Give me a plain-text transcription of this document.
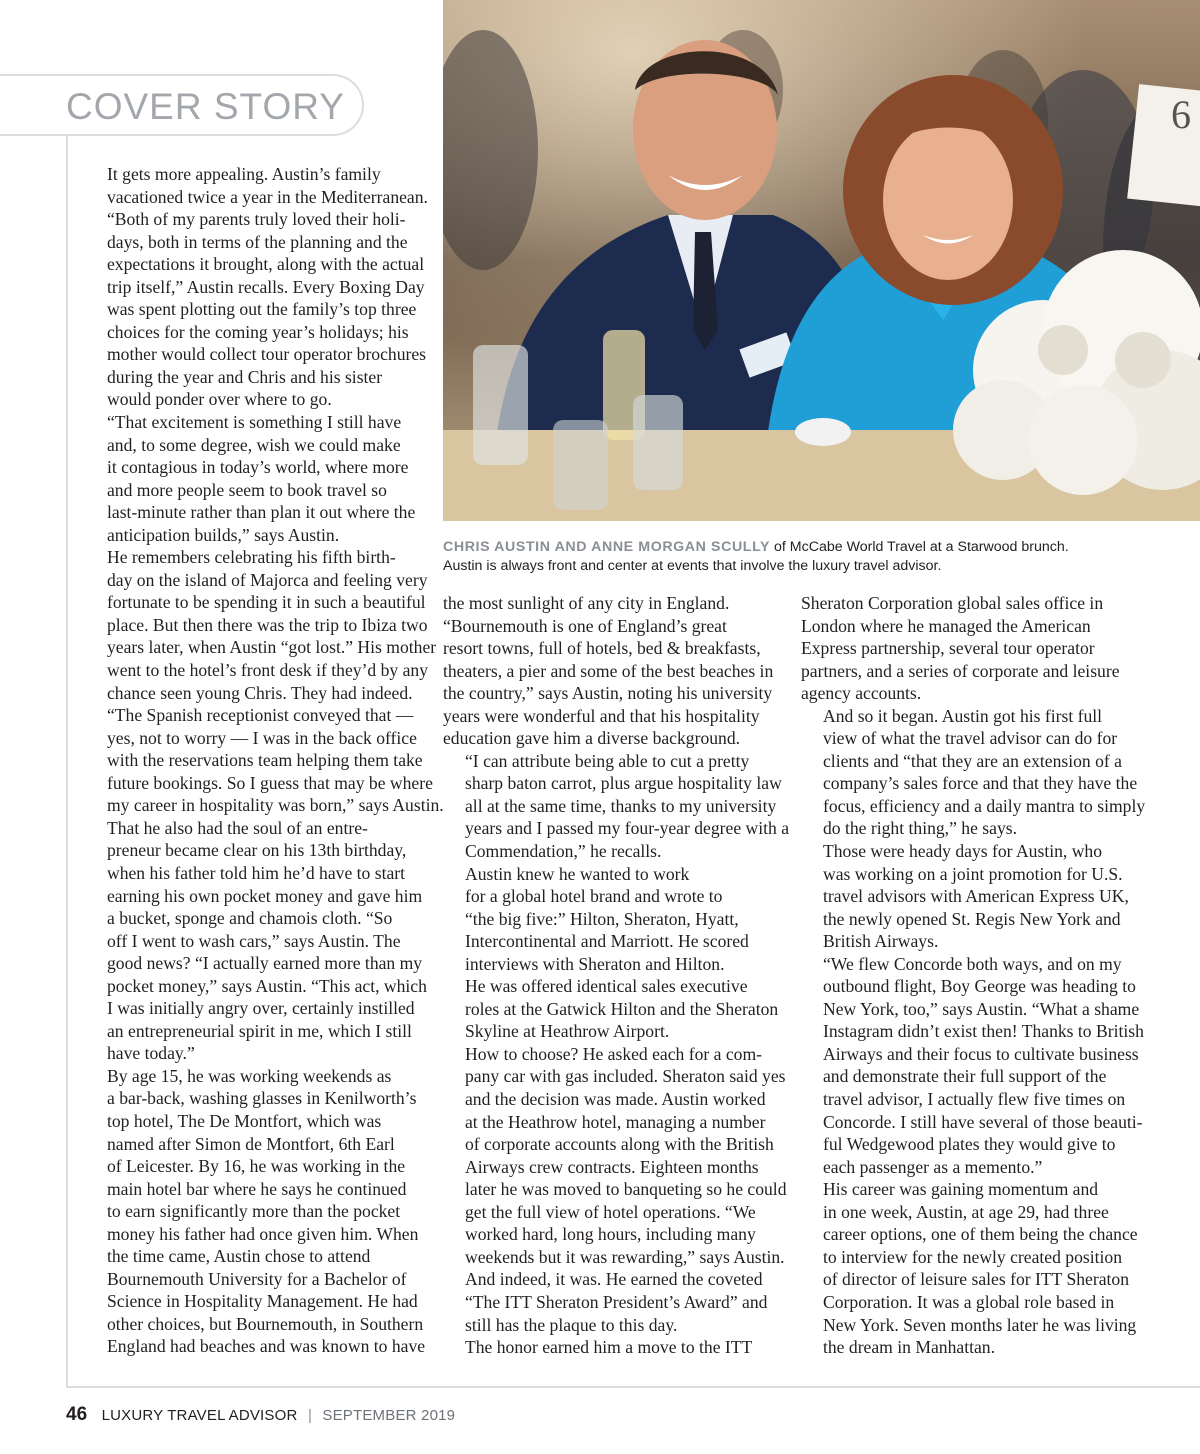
COVER STORY	6
CHRIS AUSTIN AND ANNE MORGAN SCULLY of McCabe World Travel at a Starwood brunch.
Austin is always front and center at events that involve the luxury travel advisor.

It gets more appealing. Austin’s family
vacationed twice a year in the Mediterranean.
“Both of my parents truly loved their holi-
days, both in terms of the planning and the
expectations it brought, along with the actual
trip itself,” Austin recalls. Every Boxing Day
was spent plotting out the family’s top three
choices for the coming year’s holidays; his
mother would collect tour operator brochures
during the year and Chris and his sister
would ponder over where to go.

“That excitement is something I still have
and, to some degree, wish we could make
it contagious in today’s world, where more
and more people seem to book travel so
last-minute rather than plan it out where the
anticipation builds,” says Austin.

He remembers celebrating his fifth birth-
day on the island of Majorca and feeling very
fortunate to be spending it in such a beautiful
place. But then there was the trip to Ibiza two
years later, when Austin “got lost.” His mother
went to the hotel’s front desk if they’d by any
chance seen young Chris. They had indeed.
“The Spanish receptionist conveyed that —
yes, not to worry — I was in the back office
with the reservations team helping them take
future bookings. So I guess that may be where
my career in hospitality was born,” says Austin.

That he also had the soul of an entre-
preneur became clear on his 13th birthday,
when his father told him he’d have to start
earning his own pocket money and gave him
a bucket, sponge and chamois cloth. “So
off I went to wash cars,” says Austin. The
good news? “I actually earned more than my
pocket money,” says Austin. “This act, which
I was initially angry over, certainly instilled
an entrepreneurial spirit in me, which I still
have today.”

By age 15, he was working weekends as
a bar-back, washing glasses in Kenilworth’s
top hotel, The De Montfort, which was
named after Simon de Montfort, 6th Earl
of Leicester. By 16, he was working in the
main hotel bar where he says he continued
to earn significantly more than the pocket
money his father had once given him. When
the time came, Austin chose to attend
Bournemouth University for a Bachelor of
Science in Hospitality Management. He had
other choices, but Bournemouth, in Southern
England had beaches and was known to have

the most sunlight of any city in England.
“Bournemouth is one of England’s great
resort towns, full of hotels, bed & breakfasts,
theaters, a pier and some of the best beaches in
the country,” says Austin, noting his university
years were wonderful and that his hospitality
education gave him a diverse background.

“I can attribute being able to cut a pretty
sharp baton carrot, plus argue hospitality law
all at the same time, thanks to my university
years and I passed my four-year degree with a
Commendation,” he recalls.

Austin knew he wanted to work
for a global hotel brand and wrote to
“the big five:” Hilton, Sheraton, Hyatt,
Intercontinental and Marriott. He scored
interviews with Sheraton and Hilton.

He was offered identical sales executive
roles at the Gatwick Hilton and the Sheraton
Skyline at Heathrow Airport.

How to choose? He asked each for a com-
pany car with gas included. Sheraton said yes
and the decision was made. Austin worked
at the Heathrow hotel, managing a number
of corporate accounts along with the British
Airways crew contracts. Eighteen months
later he was moved to banqueting so he could
get the full view of hotel operations. “We
worked hard, long hours, including many
weekends but it was rewarding,” says Austin.
And indeed, it was. He earned the coveted
“The ITT Sheraton President’s Award” and
still has the plaque to this day.

The honor earned him a move to the ITT

Sheraton Corporation global sales office in
London where he managed the American
Express partnership, several tour operator
partners, and a series of corporate and leisure
agency accounts.

And so it began. Austin got his first full
view of what the travel advisor can do for
clients and “that they are an extension of a
company’s sales force and that they have the
focus, efficiency and a daily mantra to simply
do the right thing,” he says.

Those were heady days for Austin, who
was working on a joint promotion for U.S.
travel advisors with American Express UK,
the newly opened St. Regis New York and
British Airways.

“We flew Concorde both ways, and on my
outbound flight, Boy George was heading to
New York, too,” says Austin. “What a shame
Instagram didn’t exist then! Thanks to British
Airways and their focus to cultivate business
and demonstrate their full support of the
travel advisor, I actually flew five times on
Concorde. I still have several of those beauti-
ful Wedgewood plates they would give to
each passenger as a memento.”

His career was gaining momentum and
in one week, Austin, at age 29, had three
career options, one of them being the chance
to interview for the newly created position
of director of leisure sales for ITT Sheraton
Corporation. It was a global role based in
New York. Seven months later he was living
the dream in Manhattan.

46 LUXURY TRAVEL ADVISOR | SEPTEMBER 2019
